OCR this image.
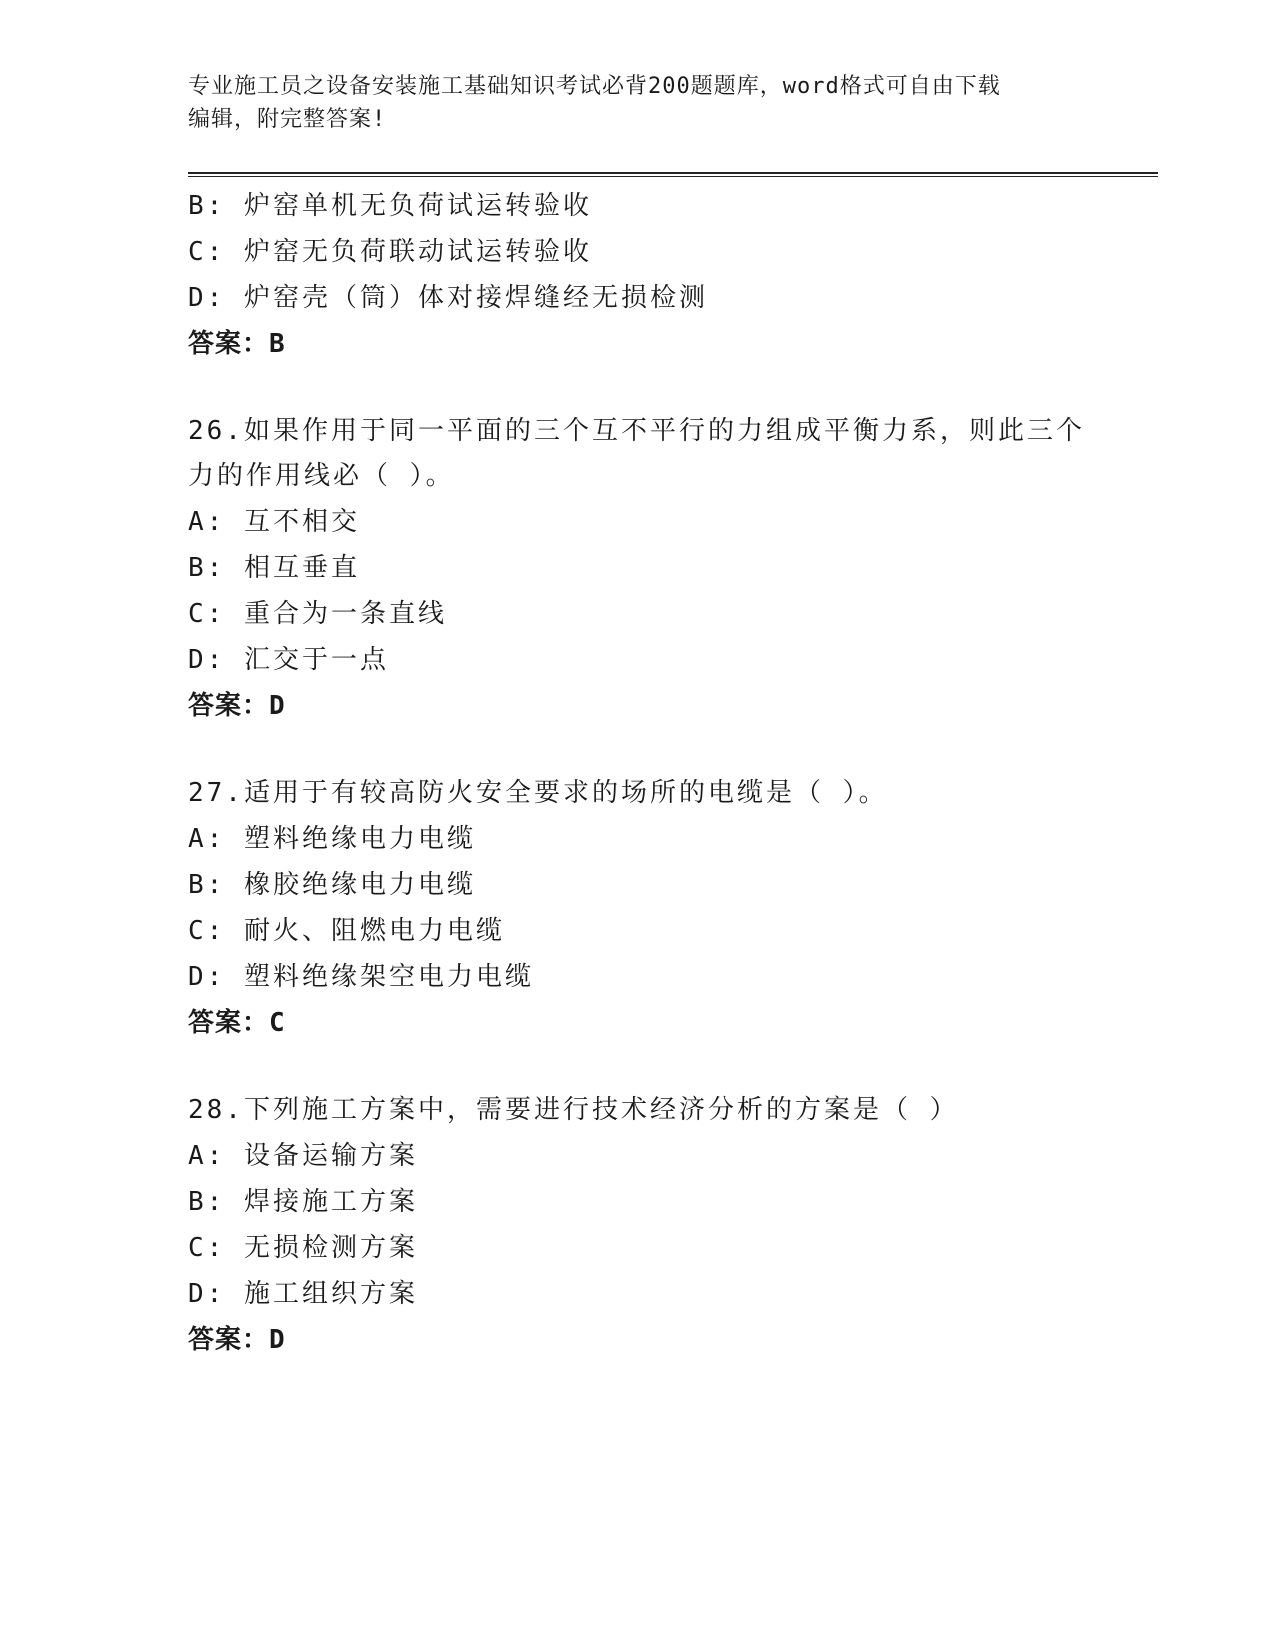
专业施工员之设备安装施工基础知识考试必背200题题库，word格式可自由下载
编辑，附完整答案!

B: 炉窑单机无负荷试运转验收

C: 炉窑无负荷联动试运转验收

D: 炉窑壳（筒）体对接焊缝经无损检测

答案：B

26.如果作用于同一平面的三个互不平行的力组成平衡力系，则此三个力的作用线必（ ）。

A: 互不相交

B: 相互垂直

C: 重合为一条直线

D: 汇交于一点

答案：D

27.适用于有较高防火安全要求的场所的电缆是（ ）。

A: 塑料绝缘电力电缆

B: 橡胶绝缘电力电缆

C: 耐火、阻燃电力电缆

D: 塑料绝缘架空电力电缆

答案：C

28.下列施工方案中，需要进行技术经济分析的方案是（ ）

A: 设备运输方案

B: 焊接施工方案

C: 无损检测方案

D: 施工组织方案

答案：D
